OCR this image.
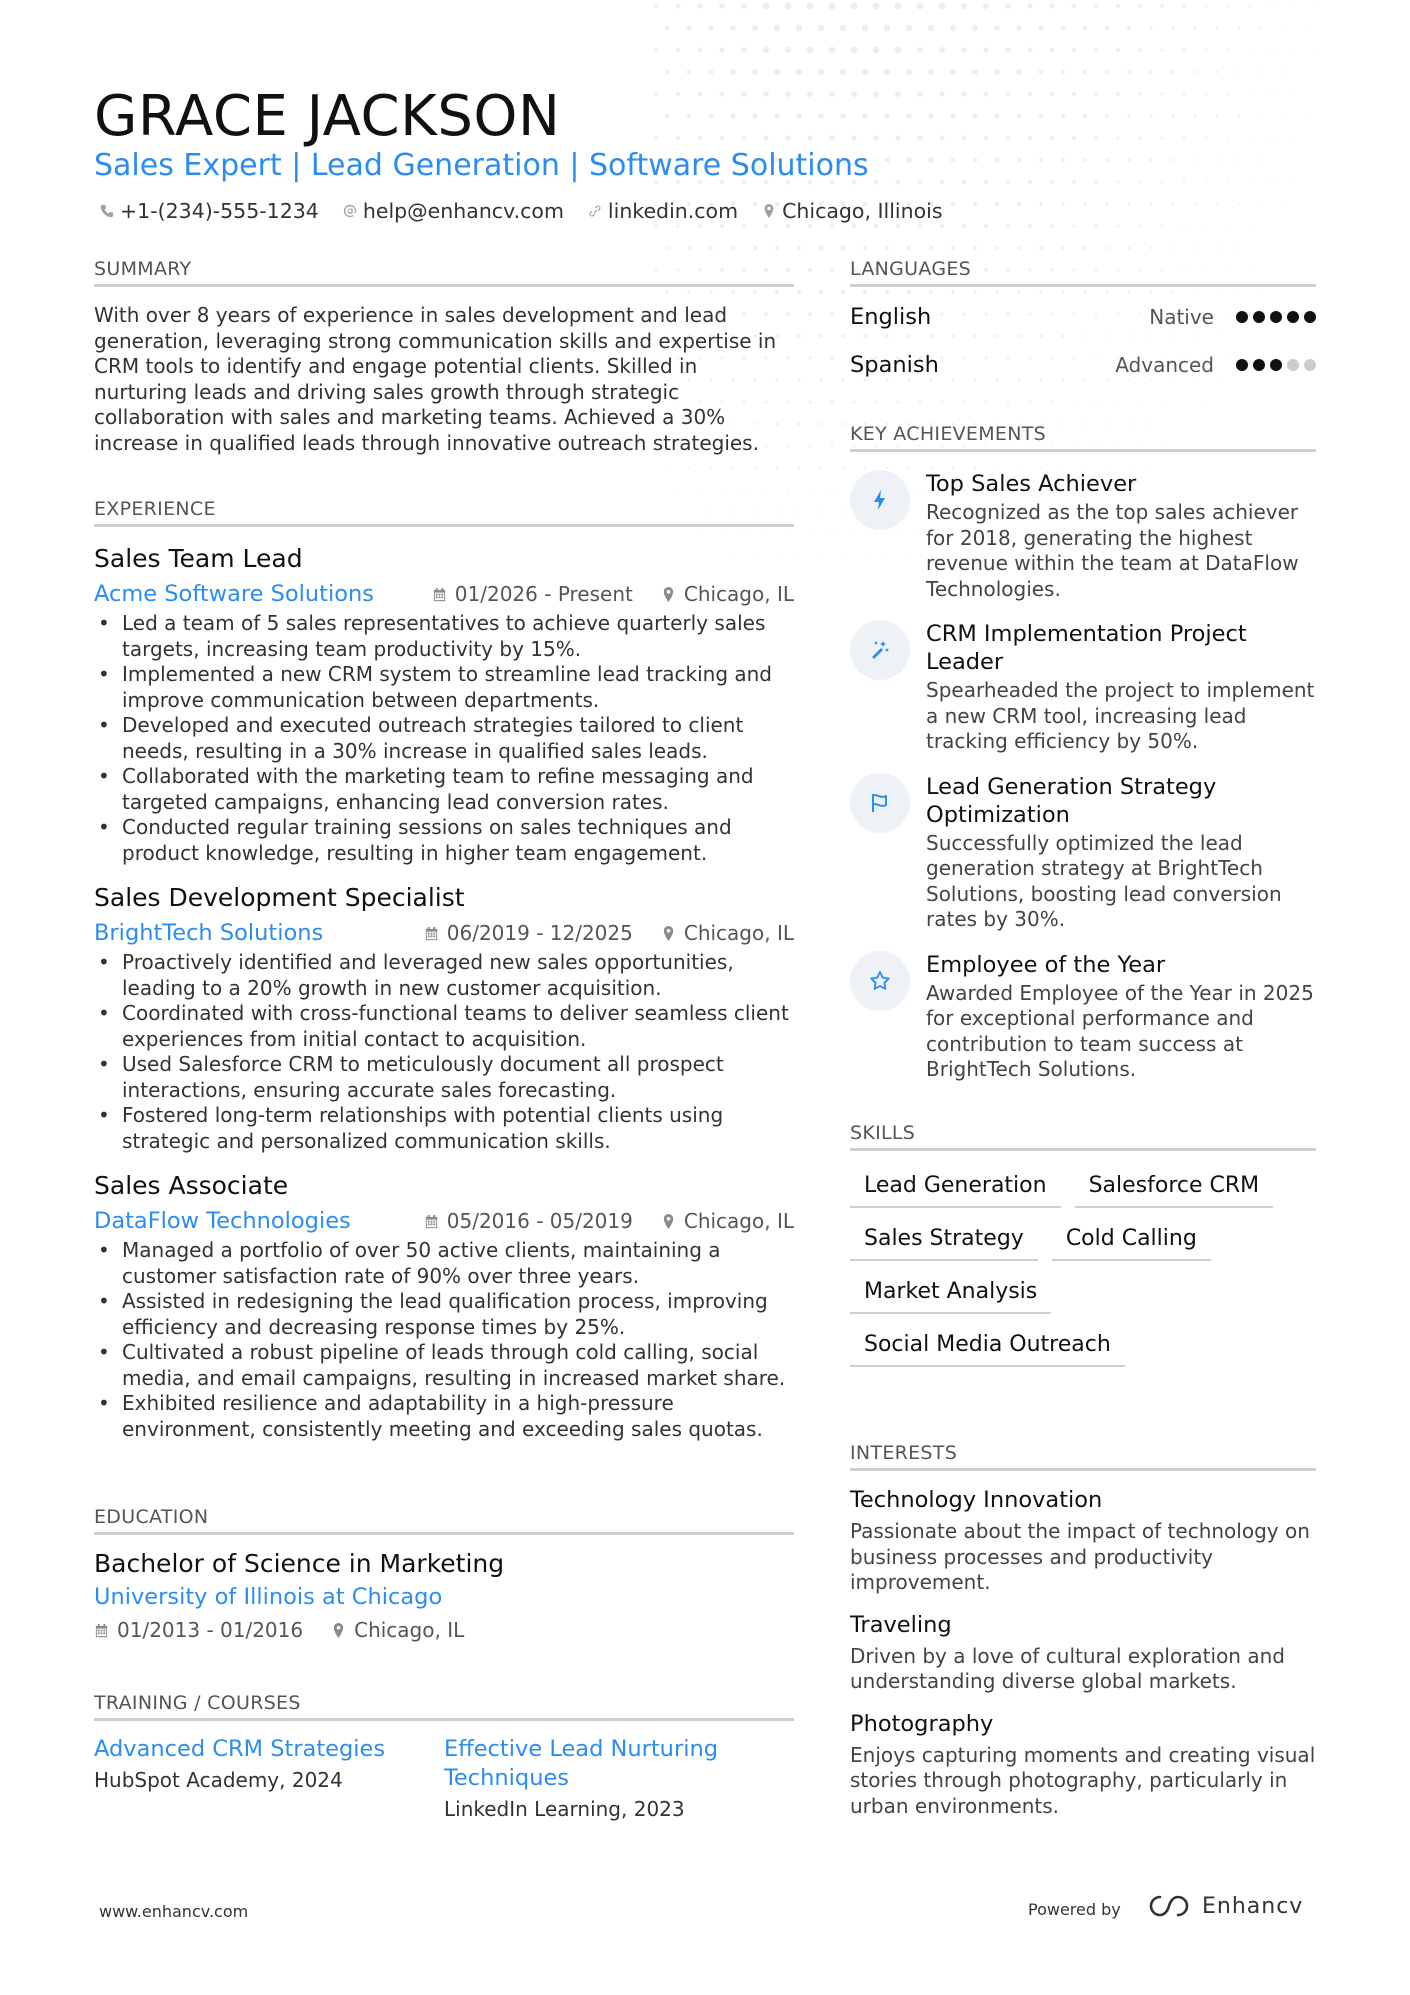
GRACE JACKSON
Sales Expert | Lead Generation | Software Solutions
+1-(234)-555-1234 help@enhancv.com linkedin.com Chicago, Illinois
SUMMARY

With over 8 years of experience in sales development and lead generation, leveraging strong communication skills and expertise in CRM tools to identify and engage potential clients. Skilled in nurturing leads and driving sales growth through strategic collaboration with sales and marketing teams. Achieved a 30% increase in qualified leads through innovative outreach strategies.

EXPERIENCE
Sales Team Lead
Acme Software Solutions	01/2026 - Present	Chicago, IL
• Led a team of 5 sales representatives to achieve quarterly sales targets, increasing team productivity by 15%.
• Implemented a new CRM system to streamline lead tracking and improve communication between departments.
• Developed and executed outreach strategies tailored to client needs, resulting in a 30% increase in qualified sales leads.
• Collaborated with the marketing team to refine messaging and targeted campaigns, enhancing lead conversion rates.
• Conducted regular training sessions on sales techniques and product knowledge, resulting in higher team engagement.
Sales Development Specialist
BrightTech Solutions	06/2019 - 12/2025	Chicago, IL
• Proactively identified and leveraged new sales opportunities, leading to a 20% growth in new customer acquisition.
• Coordinated with cross-functional teams to deliver seamless client experiences from initial contact to acquisition.
• Used Salesforce CRM to meticulously document all prospect interactions, ensuring accurate sales forecasting.
• Fostered long-term relationships with potential clients using strategic and personalized communication skills.
Sales Associate
DataFlow Technologies	05/2016 - 05/2019	Chicago, IL
• Managed a portfolio of over 50 active clients, maintaining a customer satisfaction rate of 90% over three years.
• Assisted in redesigning the lead qualification process, improving efficiency and decreasing response times by 25%.
• Cultivated a robust pipeline of leads through cold calling, social media, and email campaigns, resulting in increased market share.
• Exhibited resilience and adaptability in a high-pressure environment, consistently meeting and exceeding sales quotas.
EDUCATION
Bachelor of Science in Marketing
University of Illinois at Chicago
01/2013 - 01/2016	Chicago, IL
TRAINING / COURSES
Advanced CRM Strategies
HubSpot Academy, 2024
Effective Lead Nurturing Techniques
LinkedIn Learning, 2023
LANGUAGES
English	Native
Spanish	Advanced
KEY ACHIEVEMENTS
Top Sales Achiever
Recognized as the top sales achiever for 2018, generating the highest revenue within the team at DataFlow Technologies.
CRM Implementation Project Leader
Spearheaded the project to implement a new CRM tool, increasing lead tracking efficiency by 50%.
Lead Generation Strategy Optimization
Successfully optimized the lead generation strategy at BrightTech Solutions, boosting lead conversion rates by 30%.
Employee of the Year
Awarded Employee of the Year in 2025 for exceptional performance and contribution to team success at BrightTech Solutions.
SKILLS
Lead Generation	Salesforce CRM
Sales Strategy	Cold Calling
Market Analysis
Social Media Outreach
INTERESTS
Technology Innovation
Passionate about the impact of technology on business processes and productivity improvement.
Traveling
Driven by a love of cultural exploration and understanding diverse global markets.
Photography
Enjoys capturing moments and creating visual stories through photography, particularly in urban environments.
www.enhancv.com	Powered by	Enhancv
